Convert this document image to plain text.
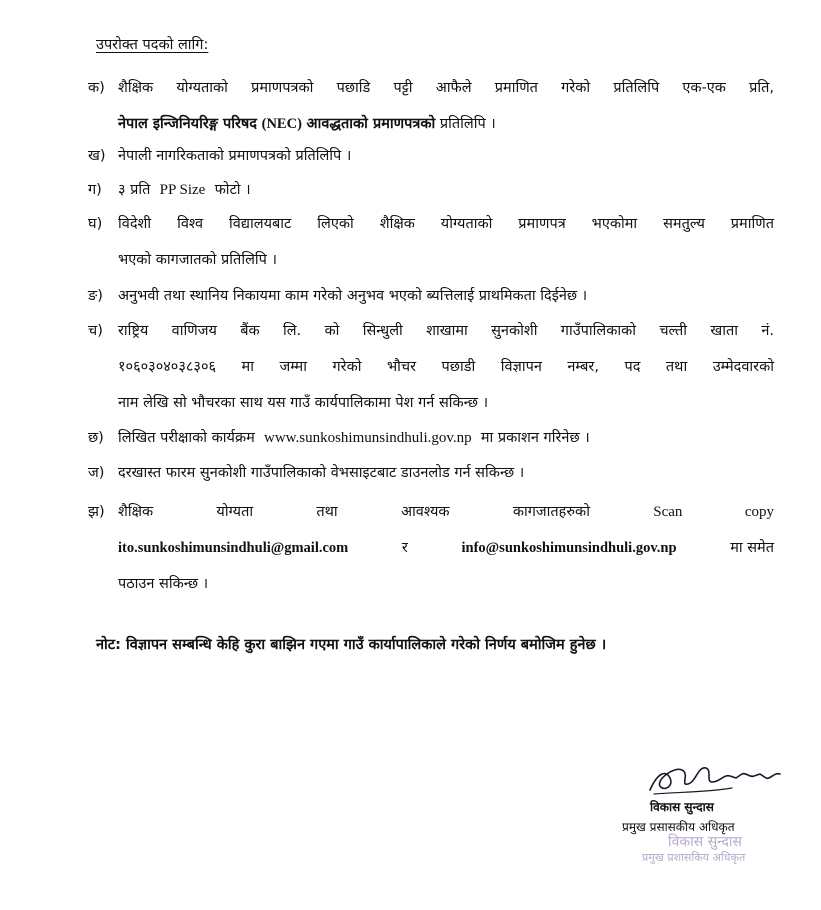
उपरोक्त पदको लागि:
क) शैक्षिक योग्यताको प्रमाणपत्रको पछाडि पट्टी आफैले प्रमाणित गरेको प्रतिलिपि एक-एक प्रति,
नेपाल इन्जिनियरिङ्ग परिषद (NEC) आवद्धताको प्रमाणपत्रको प्रतिलिपि ।
ख) नेपाली नागरिकताको प्रमाणपत्रको प्रतिलिपि ।
ग) ३ प्रति PP Size फोटो ।
घ) विदेशी विश्व विद्यालयबाट लिएको शैक्षिक योग्यताको प्रमाणपत्र भएकोमा समतुल्य प्रमाणित
भएको कागजातको प्रतिलिपि ।
ङ) अनुभवी तथा स्थानिय निकायमा काम गरेको अनुभव भएको ब्यत्तिलाई प्राथमिकता दिईनेछ ।
च) राष्ट्रिय वाणिजय बैंक लि. को सिन्धुली शाखामा सुनकोशी गाउँपालिकाको चल्ती खाता नं.
१०६०३०४०३८३०६ मा जम्मा गरेको भौचर पछाडी विज्ञापन नम्बर, पद तथा उम्मेदवारको
नाम लेखि सो भौचरका साथ यस गाउँ कार्यपालिकामा पेश गर्न सकिन्छ ।
छ) लिखित परीक्षाको कार्यक्रम www.sunkoshimunsindhuli.gov.np मा प्रकाशन गरिनेछ ।
ज) दरखास्त फारम सुनकोशी गाउँपालिकाको वेभसाइटबाट डाउनलोड गर्न सकिन्छ ।
झ) शैक्षिक योग्यता तथा आवश्यक कागजातहरुको	Scan copy
ito.sunkoshimunsindhuli@gmail.com	र	info@sunkoshimunsindhuli.gov.np	मा समेत
पठाउन सकिन्छ ।
नोट: विज्ञापन सम्बन्धि केहि कुरा बाझिन गएमा गाउँ कार्यापालिकाले गरेको निर्णय बमोजिम हुनेछ ।
विकास सुन्दास
प्रमुख प्रसासकीय अधिकृत
विकास सुन्दास
प्रमुख प्रशासकिय अधिकृत
